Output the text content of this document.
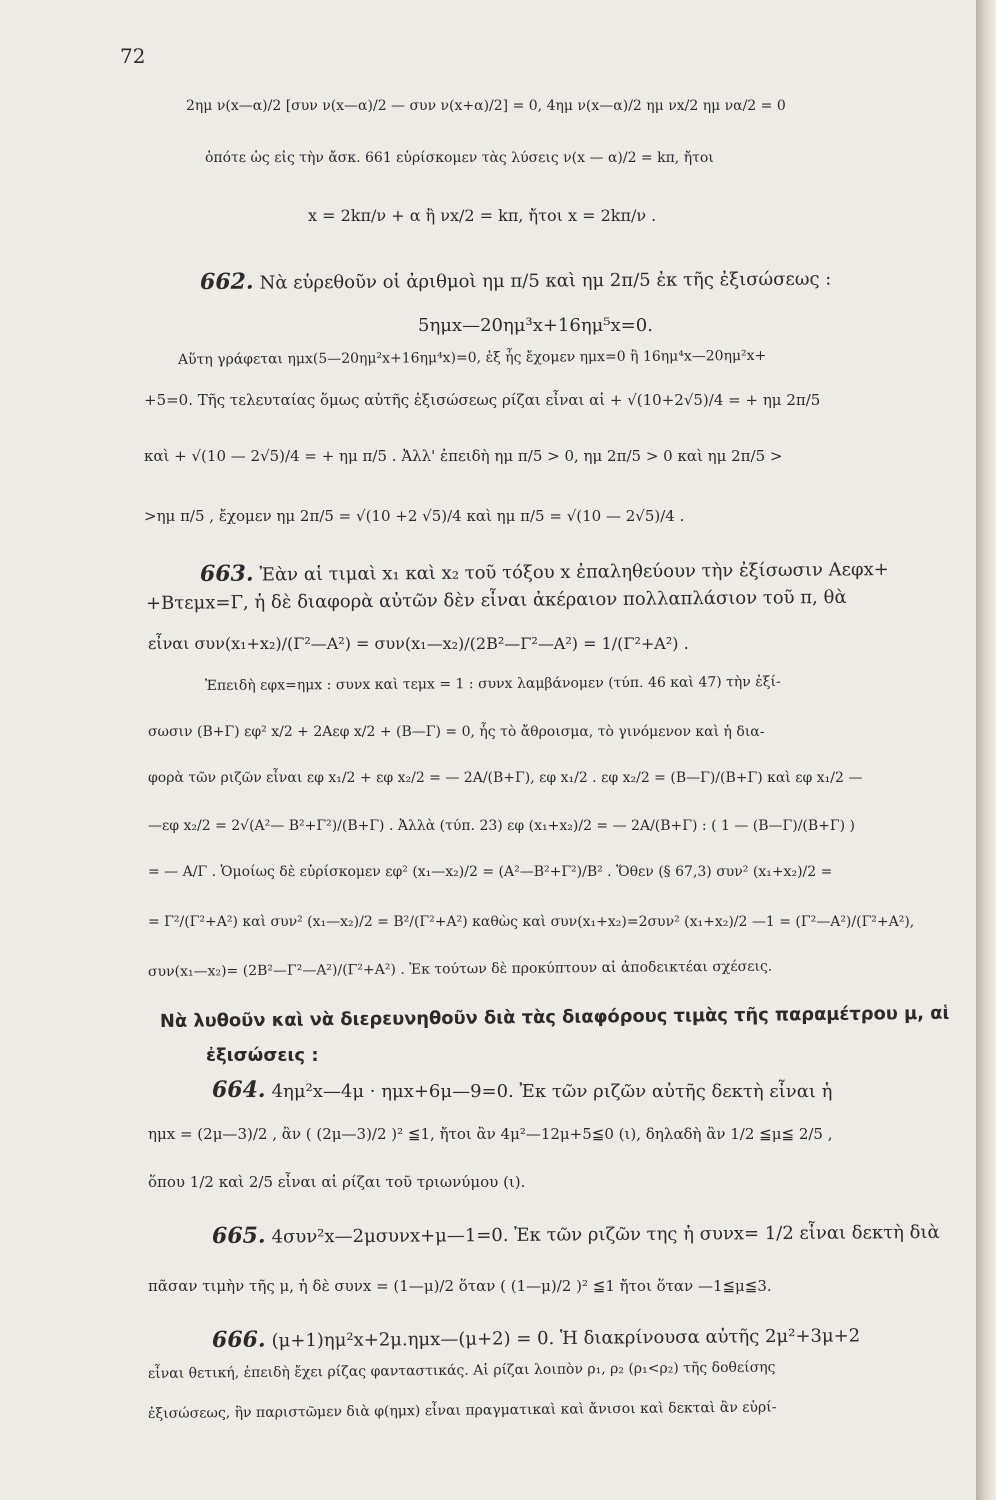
72
2ημ ν(x—α)/2 [συν ν(x—α)/2 — συν ν(x+α)/2] = 0, 4ημ ν(x—α)/2 ημ νx/2 ημ να/2 = 0
ὁπότε ὡς εἰς τὴν ἄσκ. 661 εὑρίσκομεν τὰς λύσεις ν(x — α)/2 = kπ, ἤτοι
x = 2kπ/ν + α ἢ νx/2 = kπ, ἤτοι x = 2kπ/ν .
662. Νὰ εὑρεθοῦν οἱ ἀριθμοὶ ημ π/5 καὶ ημ 2π/5 ἐκ τῆς ἐξισώσεως :
5ημx—20ημ³x+16ημ⁵x=0.
Αὕτη γράφεται ημx(5—20ημ²x+16ημ⁴x)=0, ἐξ ἧς ἔχομεν ημx=0 ἢ 16ημ⁴x—20ημ²x+
+5=0. Τῆς τελευταίας ὅμως αὐτῆς ἐξισώσεως ρίζαι εἶναι αἱ + √(10+2√5)/4 = + ημ 2π/5
καὶ + √(10 — 2√5)/4 = + ημ π/5 . Ἀλλ' ἐπειδὴ ημ π/5 > 0, ημ 2π/5 > 0 καὶ ημ 2π/5 >
>ημ π/5 , ἔχομεν ημ 2π/5 = √(10 +2 √5)/4 καὶ ημ π/5 = √(10 — 2√5)/4 .
663. Ἐὰν αἱ τιμαὶ x₁ καὶ x₂ τοῦ τόξου x ἐπαληθεύουν τὴν ἐξίσωσιν Αεφx+
+Βτεμx=Γ, ἡ δὲ διαφορὰ αὐτῶν δὲν εἶναι ἀκέραιον πολλαπλάσιον τοῦ π, θὰ
εἶναι συν(x₁+x₂)/(Γ²—Α²) = συν(x₁—x₂)/(2Β²—Γ²—Α²) = 1/(Γ²+Α²) .
Ἐπειδὴ εφx=ημx : συνx καὶ τεμx = 1 : συνx λαμβάνομεν (τύπ. 46 καὶ 47) τὴν ἐξί-
σωσιν (Β+Γ) εφ² x/2 + 2Αεφ x/2 + (Β—Γ) = 0, ἧς τὸ ἄθροισμα, τὸ γινόμενον καὶ ἡ δια-
φορὰ τῶν ριζῶν εἶναι εφ x₁/2 + εφ x₂/2 = — 2Α/(Β+Γ), εφ x₁/2 . εφ x₂/2 = (Β—Γ)/(Β+Γ) καὶ εφ x₁/2 —
—εφ x₂/2 = 2√(Α²— Β²+Γ²)/(Β+Γ) . Ἀλλὰ (τύπ. 23) εφ (x₁+x₂)/2 = — 2Α/(Β+Γ) : ( 1 — (Β—Γ)/(Β+Γ) )
= — Α/Γ . Ὁμοίως δὲ εὑρίσκομεν εφ² (x₁—x₂)/2 = (Α²—Β²+Γ²)/Β² . Ὅθεν (§ 67,3) συν² (x₁+x₂)/2 =
= Γ²/(Γ²+Α²) καὶ συν² (x₁—x₂)/2 = Β²/(Γ²+Α²) καθὼς καὶ συν(x₁+x₂)=2συν² (x₁+x₂)/2 —1 = (Γ²—Α²)/(Γ²+Α²),
συν(x₁—x₂)= (2Β²—Γ²—Α²)/(Γ²+Α²) . Ἐκ τούτων δὲ προκύπτουν αἱ ἀποδεικτέαι σχέσεις.
Νὰ λυθοῦν καὶ νὰ διερευνηθοῦν διὰ τὰς διαφόρους τιμὰς τῆς παραμέτρου μ, αἱ
ἐξισώσεις :
664. 4ημ²x—4μ · ημx+6μ—9=0. Ἐκ τῶν ριζῶν αὐτῆς δεκτὴ εἶναι ἡ
ημx = (2μ—3)/2 , ἂν ( (2μ—3)/2 )² ≦1, ἤτοι ἂν 4μ²—12μ+5≦0 (ι), δηλαδὴ ἂν 1/2 ≦μ≦ 2/5 ,
ὅπου 1/2 καὶ 2/5 εἶναι αἱ ρίζαι τοῦ τριωνύμου (ι).
665. 4συν²x—2μσυνx+μ—1=0. Ἐκ τῶν ριζῶν της ἡ συνx= 1/2 εἶναι δεκτὴ διὰ
πᾶσαν τιμὴν τῆς μ, ἡ δὲ συνx = (1—μ)/2 ὅταν ( (1—μ)/2 )² ≦1 ἤτοι ὅταν —1≦μ≦3.
666. (μ+1)ημ²x+2μ.ημx—(μ+2) = 0. Ἡ διακρίνουσα αὐτῆς 2μ²+3μ+2
εἶναι θετική, ἐπειδὴ ἔχει ρίζας φανταστικάς. Αἱ ρίζαι λοιπὸν ρ₁, ρ₂ (ρ₁<ρ₂) τῆς δοθείσης
ἐξισώσεως, ἣν παριστῶμεν διὰ φ(ημx) εἶναι πραγματικαὶ καὶ ἄνισοι καὶ δεκταὶ ἂν εὑρί-
